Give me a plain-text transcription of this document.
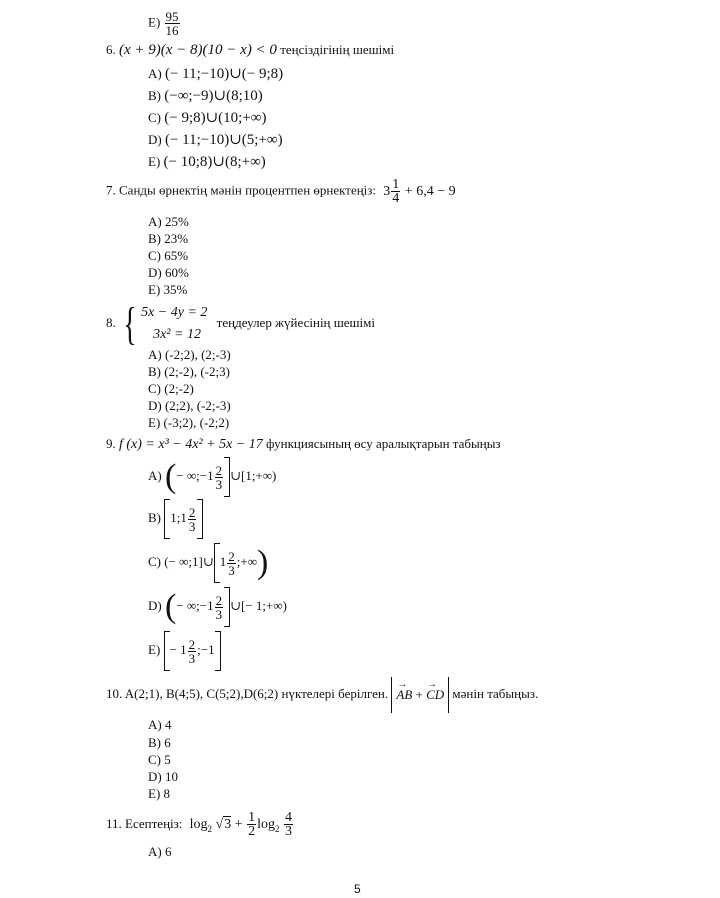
$E) \frac{95}{16}$
6. (x + 9)(x − 8)(10 − x) < 0 теңсіздігінің шешімі
A) (− 11;−10)∪(− 9;8)
B) (−∞;−9)∪(8;10)
C) (− 9;8)∪(10;+∞)
D) (− 11;−10)∪(5;+∞)
E) (− 10;8)∪(8;+∞)
7. Санды өрнектің мәнін процентпен өрнектеңіз: $3 \frac{1}{4} + 6,4 - 9$
A) 25%
B) 23%
C) 65%
D) 60%
E) 35%
8. { 5x − 4y = 2
3x² = 12
теңдеулер жүйесінің шешімі
A) (-2;2), (2;-3)
B) (2;-2), (-2;3)
C) (2;-2)
D) (2;2), (-2;-3)
E) (-3;2), (-2;2)
9. f (x) = x³ − 4x² + 5x − 17 функциясының өсу аралықтарын табыңыз
A) (− ∞;−1 $\frac{2}{3}$ ∪[1;+∞)
B) 1;1 $\frac{2}{3}$
C) (− ∞;1]∪ $1 \frac{2}{3}$ ;+∞)
D) (− ∞;−1 $\frac{2}{3}$ ∪[− 1;+∞)
$E) - 1 \frac{2}{3}$ ;−1
10. A(2;1), B(4;5), C(5;2),D(6;2) нүктелері берілген. → AB + → CD мәнін табыңыз.
A) 4
B) 6
C) 5
D) 10
E) 8
11. Есептеңіз: $\log_2 √3 + \frac{1}{2} \log_2 \frac{4}{3}$
A) 6
5
